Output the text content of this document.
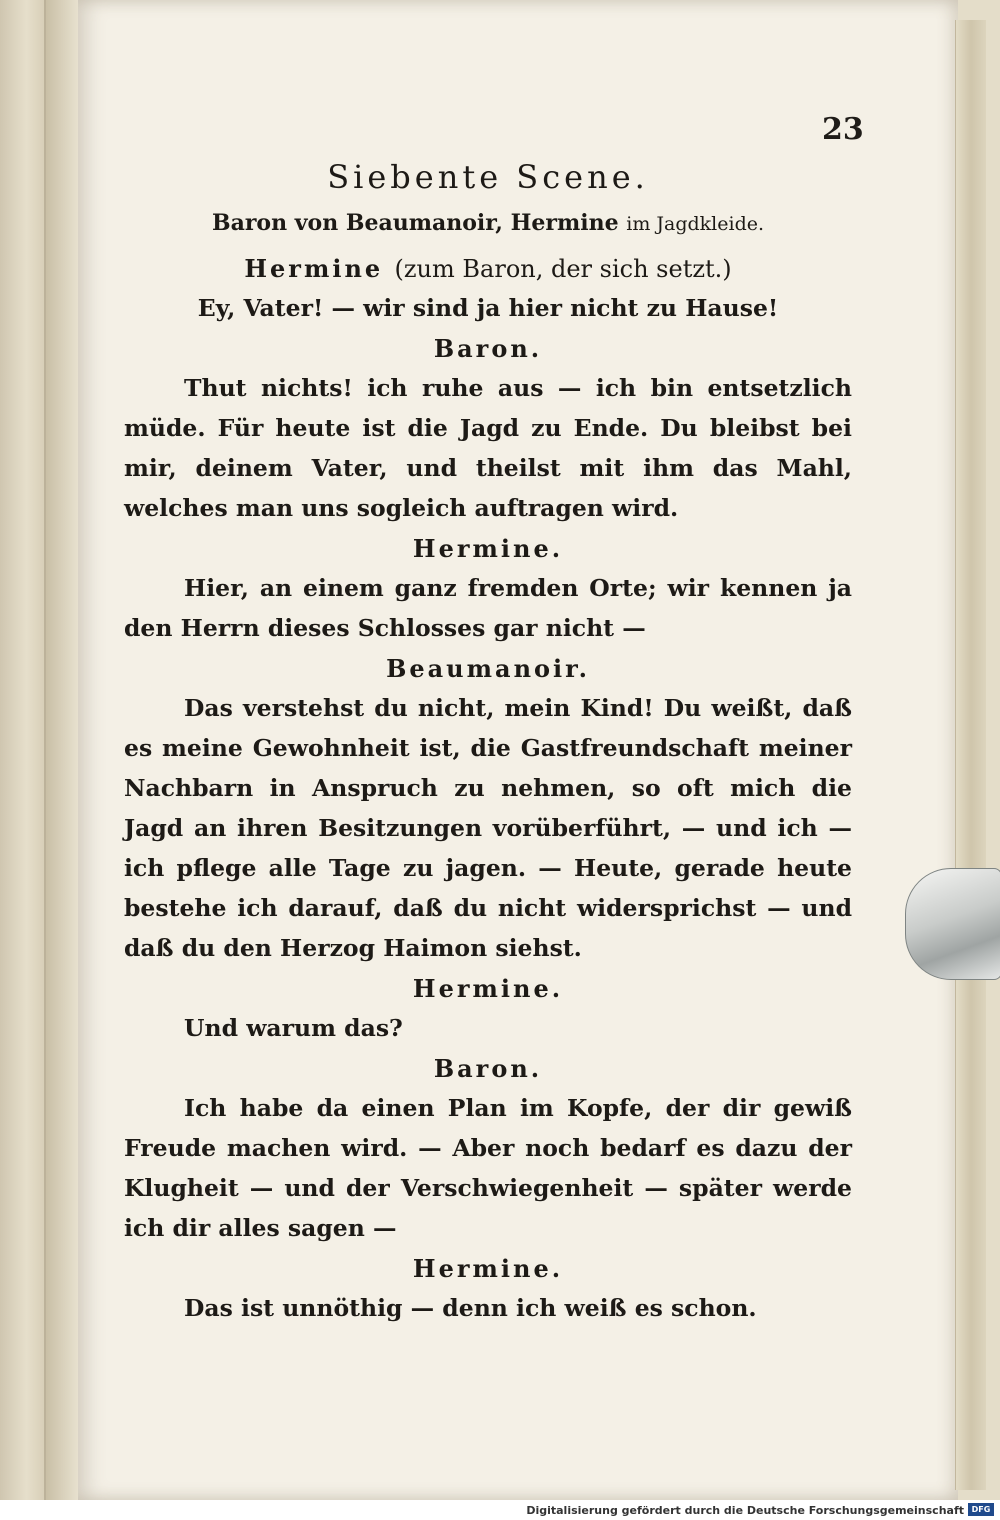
23
Siebente Scene.
Baron von Beaumanoir, Hermine im Jagdkleide.
Hermine (zum Baron, der sich setzt.)

Ey, Vater! — wir sind ja hier nicht zu Hause!

Baron.

Thut nichts! ich ruhe aus — ich bin entsetzlich müde. Für heute ist die Jagd zu Ende. Du bleibst bei mir, deinem Vater, und theilst mit ihm das Mahl, welches man uns sogleich auftragen wird.

Hermine.

Hier, an einem ganz fremden Orte; wir kennen ja den Herrn dieses Schlosses gar nicht —

Beaumanoir.

Das verstehst du nicht, mein Kind! Du weißt, daß es meine Gewohnheit ist, die Gastfreundschaft meiner Nachbarn in Anspruch zu nehmen, so oft mich die Jagd an ihren Besitzungen vorüberführt, — und ich — ich pflege alle Tage zu jagen. — Heute, gerade heute bestehe ich darauf, daß du nicht widersprichst — und daß du den Herzog Haimon siehst.

Hermine.

Und warum das?

Baron.

Ich habe da einen Plan im Kopfe, der dir gewiß Freude machen wird. — Aber noch bedarf es dazu der Klugheit — und der Verschwiegenheit — später werde ich dir alles sagen —

Hermine.

Das ist unnöthig — denn ich weiß es schon.

Digitalisierung gefördert durch die Deutsche Forschungsgemeinschaft DFG
